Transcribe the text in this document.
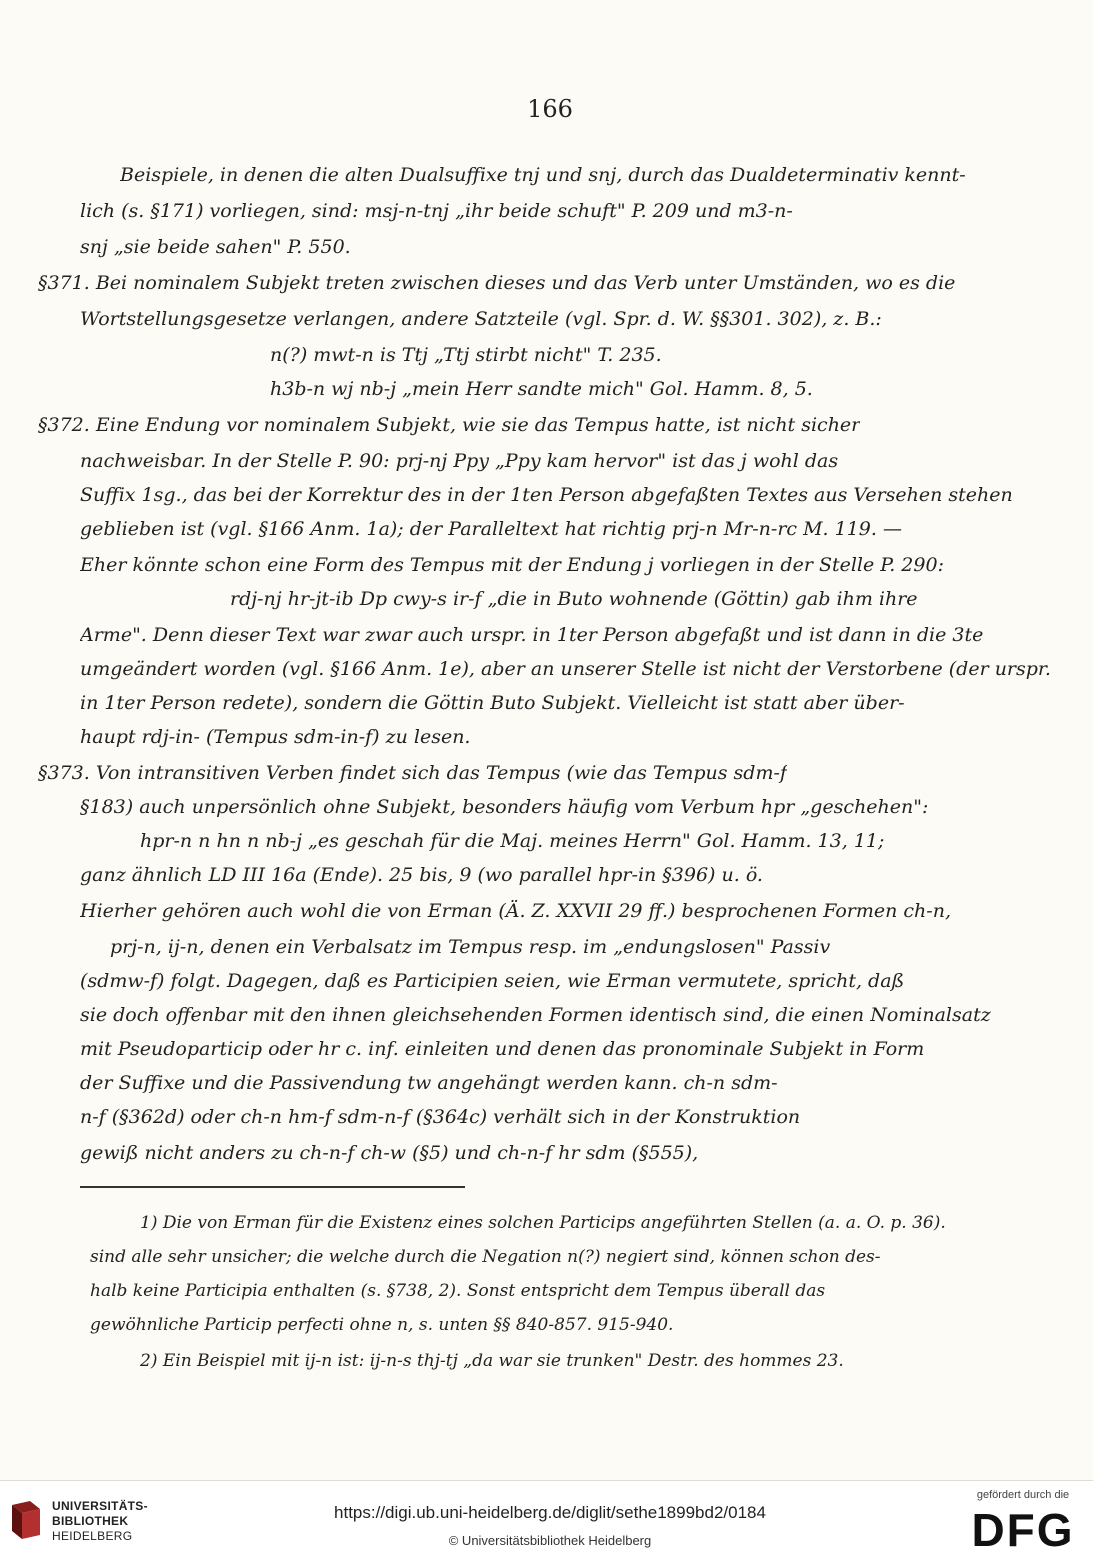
166
Beispiele, in denen die alten Dualsuffixe tnj und snj, durch das Dualdeterminativ kennt-
lich (s. §171) vorliegen, sind: msj-n-tnj „ihr beide schuft" P. 209 und m3-n-
snj „sie beide sahen" P. 550.
§371. Bei nominalem Subjekt treten zwischen dieses und das Verb unter Umständen, wo es die
Wortstellungsgesetze verlangen, andere Satzteile (vgl. Spr. d. W. §§301. 302), z. B.:
n(?) mwt-n is Ttj „Ttj stirbt nicht" T. 235.
h3b-n wj nb-j „mein Herr sandte mich" Gol. Hamm. 8, 5.
§372. Eine Endung vor nominalem Subjekt, wie sie das Tempus hatte, ist nicht sicher
nachweisbar. In der Stelle P. 90: prj-nj Ppy „Ppy kam hervor" ist das j wohl das
Suffix 1sg., das bei der Korrektur des in der 1ten Person abgefaßten Textes aus Versehen stehen
geblieben ist (vgl. §166 Anm. 1a); der Paralleltext hat richtig prj-n Mr-n-rc M. 119. —
Eher könnte schon eine Form des Tempus mit der Endung j vorliegen in der Stelle P. 290:
rdj-nj hr-jt-ib Dp cwy-s ir-f „die in Buto wohnende (Göttin) gab ihm ihre
Arme". Denn dieser Text war zwar auch urspr. in 1ter Person abgefaßt und ist dann in die 3te
umgeändert worden (vgl. §166 Anm. 1e), aber an unserer Stelle ist nicht der Verstorbene (der urspr.
in 1ter Person redete), sondern die Göttin Buto Subjekt. Vielleicht ist statt aber über-
haupt rdj-in- (Tempus sdm-in-f) zu lesen.
§373. Von intransitiven Verben findet sich das Tempus (wie das Tempus sdm-f
§183) auch unpersönlich ohne Subjekt, besonders häufig vom Verbum hpr „geschehen":
hpr-n n hn n nb-j „es geschah für die Maj. meines Herrn" Gol. Hamm. 13, 11;
ganz ähnlich LD III 16a (Ende). 25 bis, 9 (wo parallel hpr-in §396) u. ö.
Hierher gehören auch wohl die von Erman (Ä. Z. XXVII 29 ff.) besprochenen Formen ch-n,
prj-n, ij-n, denen ein Verbalsatz im Tempus resp. im „endungslosen" Passiv
(sdmw-f) folgt. Dagegen, daß es Participien seien, wie Erman vermutete, spricht, daß
sie doch offenbar mit den ihnen gleichsehenden Formen identisch sind, die einen Nominalsatz
mit Pseudoparticip oder hr c. inf. einleiten und denen das pronominale Subjekt in Form
der Suffixe und die Passivendung tw angehängt werden kann. ch-n sdm-
n-f (§362d) oder ch-n hm-f sdm-n-f (§364c) verhält sich in der Konstruktion
gewiß nicht anders zu ch-n-f ch-w (§5) und ch-n-f hr sdm (§555),
1) Die von Erman für die Existenz eines solchen Particips angeführten Stellen (a. a. O. p. 36).
sind alle sehr unsicher; die welche durch die Negation n(?) negiert sind, können schon des-
halb keine Participia enthalten (s. §738, 2). Sonst entspricht dem Tempus überall das
gewöhnliche Particip perfecti ohne n, s. unten §§ 840-857. 915-940.
2) Ein Beispiel mit ij-n ist: ij-n-s thj-tj „da war sie trunken" Destr. des hommes 23.
UNIVERSITÄTS-
BIBLIOTHEK
HEIDELBERG
https://digi.ub.uni-heidelberg.de/diglit/sethe1899bd2/0184
© Universitätsbibliothek Heidelberg
gefördert durch die
DFG
